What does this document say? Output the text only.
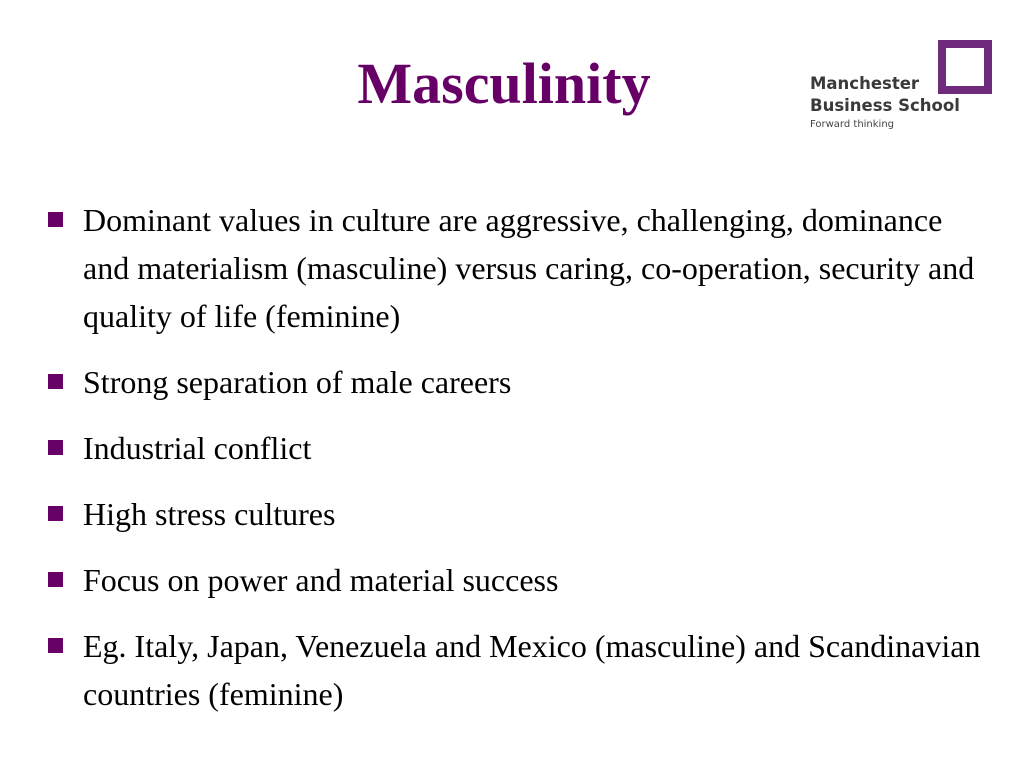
Masculinity	Manchester
Business School
Forward thinking
Dominant values in culture are aggressive, challenging, dominance and materialism (masculine) versus caring, co-operation, security and quality of life (feminine)
Strong separation of male careers
Industrial conflict
High stress cultures
Focus on power and material success
Eg. Italy, Japan, Venezuela and Mexico (masculine) and Scandinavian countries (feminine)
